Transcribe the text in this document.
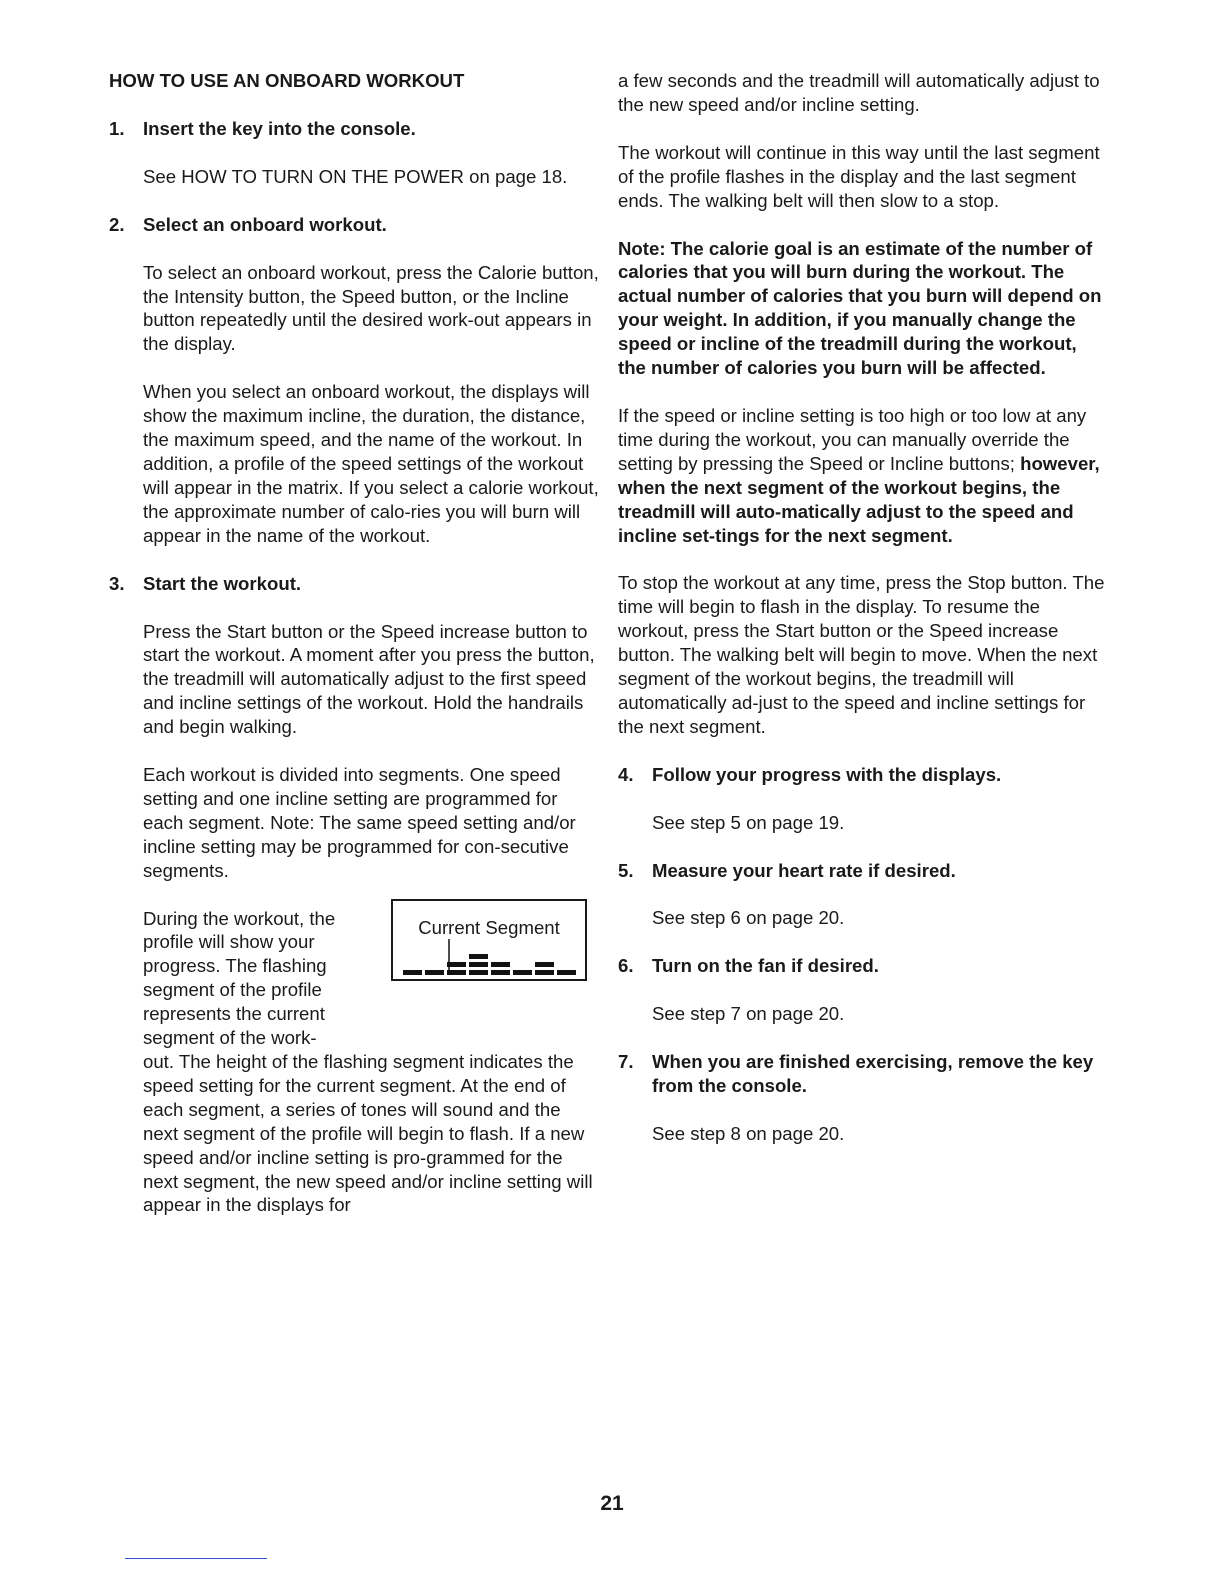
HOW TO USE AN ONBOARD WORKOUT

1. Insert the key into the console.

See HOW TO TURN ON THE POWER on page 18.

2. Select an onboard workout.

To select an onboard workout, press the Calorie button, the Intensity button, the Speed button, or the Incline button repeatedly until the desired work-out appears in the display.

When you select an onboard workout, the displays will show the maximum incline, the duration, the distance, the maximum speed, and the name of the workout. In addition, a profile of the speed settings of the workout will appear in the matrix. If you select a calorie workout, the approximate number of calo-ries you will burn will appear in the name of the workout.

3. Start the workout.

Press the Start button or the Speed increase button to start the workout. A moment after you press the button, the treadmill will automatically adjust to the first speed and incline settings of the workout. Hold the handrails and begin walking.

Each workout is divided into segments. One speed setting and one incline setting are programmed for each segment. Note: The same speed setting and/or incline setting may be programmed for con-secutive segments.

Current Segment
During the workout, the
profile will show your
progress. The flashing
segment of the profile
represents the current
segment of the work-

out. The height of the flashing segment indicates the speed setting for the current segment. At the end of each segment, a series of tones will sound and the next segment of the profile will begin to flash. If a new speed and/or incline setting is pro-grammed for the next segment, the new speed and/or incline setting will appear in the displays for

a few seconds and the treadmill will automatically adjust to the new speed and/or incline setting.

The workout will continue in this way until the last segment of the profile flashes in the display and the last segment ends. The walking belt will then slow to a stop.

Note: The calorie goal is an estimate of the number of calories that you will burn during the workout. The actual number of calories that you burn will depend on your weight. In addition, if you manually change the speed or incline of the treadmill during the workout, the number of calories you burn will be affected.

If the speed or incline setting is too high or too low at any time during the workout, you can manually override the setting by pressing the Speed or Incline buttons; however, when the next segment of the workout begins, the treadmill will auto-matically adjust to the speed and incline set-tings for the next segment.

To stop the workout at any time, press the Stop button. The time will begin to flash in the display. To resume the workout, press the Start button or the Speed increase button. The walking belt will begin to move. When the next segment of the workout begins, the treadmill will automatically ad-just to the speed and incline settings for the next segment.

4. Follow your progress with the displays.

See step 5 on page 19.

5. Measure your heart rate if desired.

See step 6 on page 20.

6. Turn on the fan if desired.

See step 7 on page 20.

7. When you are finished exercising, remove the key from the console.

See step 8 on page 20.

21
